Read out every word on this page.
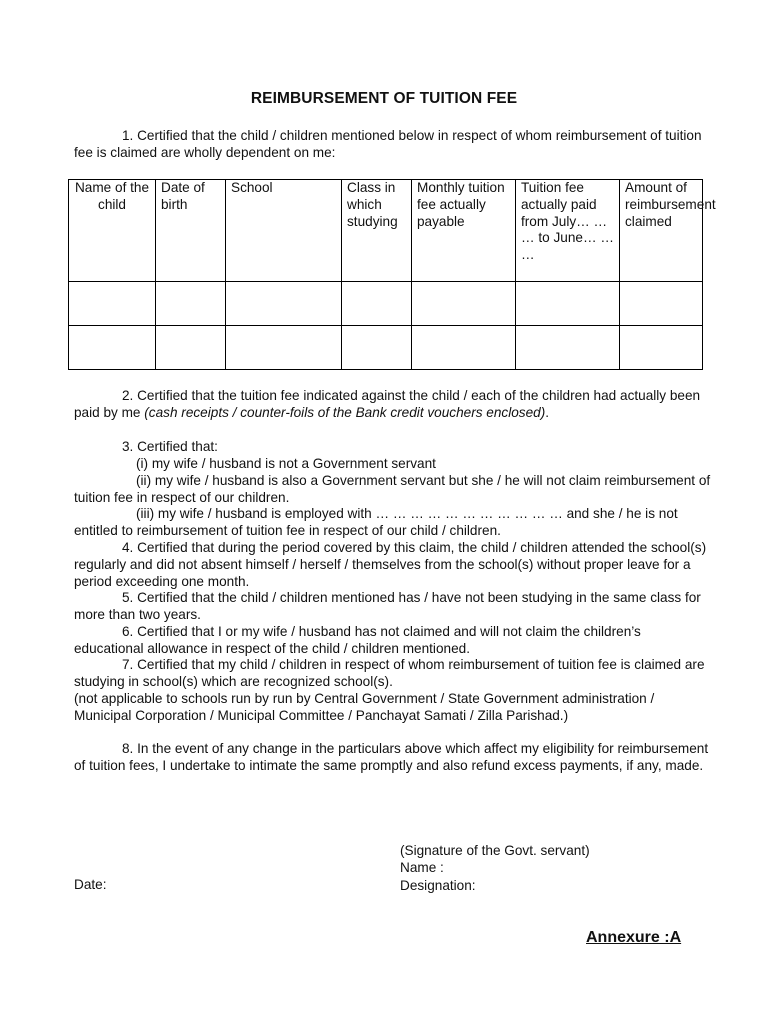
REIMBURSEMENT OF TUITION FEE

1. Certified that the child / children mentioned below in respect of whom reimbursement of tuition fee is claimed are wholly dependent on me:

Name of the child	Date of birth	School	Class in which studying	Monthly tuition fee actually payable	Tuition fee actually paid from July… … … to June… … …	Amount of reimbursement claimed

2. Certified that the tuition fee indicated against the child / each of the children had actually been paid by me (cash receipts / counter-foils of the Bank credit vouchers enclosed).

3. Certified that:

(i) my wife / husband is not a Government servant

(ii) my wife / husband is also a Government servant but she / he will not claim reimbursement of tuition fee in respect of our children.

(iii) my wife / husband is employed with … … … … … … … … … … … and she / he is not entitled to reimbursement of tuition fee in respect of our child / children.

4. Certified that during the period covered by this claim, the child / children attended the school(s) regularly and did not absent himself / herself / themselves from the school(s) without proper leave for a period exceeding one month.

5. Certified that the child / children mentioned has / have not been studying in the same class for more than two years.

6. Certified that I or my wife / husband has not claimed and will not claim the children’s educational allowance in respect of the child / children mentioned.

7. Certified that my child / children in respect of whom reimbursement of tuition fee is claimed are studying in school(s) which are recognized school(s).

(not applicable to schools run by run by Central Government / State Government administration / Municipal Corporation / Municipal Committee / Panchayat Samati / Zilla Parishad.)

8. In the event of any change in the particulars above which affect my eligibility for reimbursement of tuition fees, I undertake to intimate the same promptly and also refund excess payments, if any, made.

(Signature of the Govt. servant)
Name :
Designation:
Date:
Annexure :A
